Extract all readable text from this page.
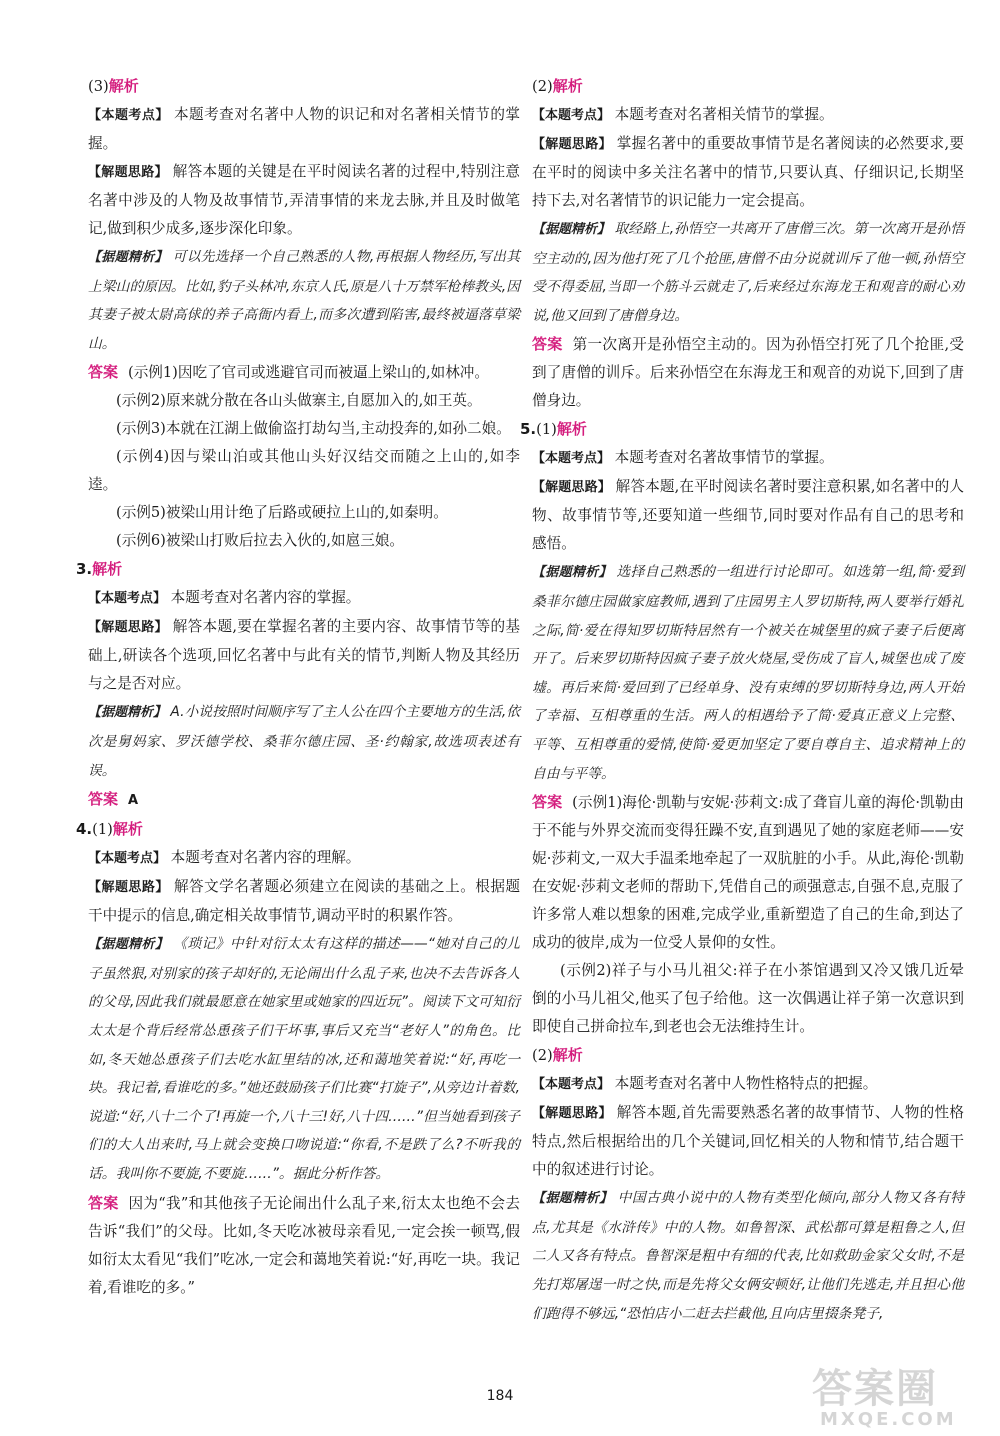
(3)解析

【本题考点】 本题考查对名著中人物的识记和对名著相关情节的掌握。

【解题思路】 解答本题的关键是在平时阅读名著的过程中,特别注意名著中涉及的人物及故事情节,弄清事情的来龙去脉,并且及时做笔记,做到积少成多,逐步深化印象。

【据题精析】 可以先选择一个自己熟悉的人物,再根据人物经历,写出其上梁山的原因。比如,豹子头林冲,东京人氏,原是八十万禁军枪棒教头,因其妻子被太尉高俅的养子高衙内看上,而多次遭到陷害,最终被逼落草梁山。

答案 (示例1)因吃了官司或逃避官司而被逼上梁山的,如林冲。

(示例2)原来就分散在各山头做寨主,自愿加入的,如王英。

(示例3)本就在江湖上做偷盗打劫勾当,主动投奔的,如孙二娘。

(示例4)因与梁山泊或其他山头好汉结交而随之上山的,如李逵。

(示例5)被梁山用计绝了后路或硬拉上山的,如秦明。

(示例6)被梁山打败后拉去入伙的,如扈三娘。

3.解析

【本题考点】 本题考查对名著内容的掌握。

【解题思路】 解答本题,要在掌握名著的主要内容、故事情节等的基础上,研读各个选项,回忆名著中与此有关的情节,判断人物及其经历与之是否对应。

【据题精析】 A.小说按照时间顺序写了主人公在四个主要地方的生活,依次是舅妈家、罗沃德学校、桑菲尔德庄园、圣·约翰家,故选项表述有误。

答案 A

4.(1)解析

【本题考点】 本题考查对名著内容的理解。

【解题思路】 解答文学名著题必须建立在阅读的基础之上。根据题干中提示的信息,确定相关故事情节,调动平时的积累作答。

【据题精析】 《琐记》中针对衍太太有这样的描述——“她对自己的儿子虽然狠,对别家的孩子却好的,无论闹出什么乱子来,也决不去告诉各人的父母,因此我们就最愿意在她家里或她家的四近玩”。阅读下文可知衍太太是个背后经常怂恿孩子们干坏事,事后又充当“老好人”的角色。比如,冬天她怂恿孩子们去吃水缸里结的冰,还和蔼地笑着说:“好,再吃一块。我记着,看谁吃的多。”她还鼓励孩子们比赛“打旋子”,从旁边计着数,说道:“好,八十二个了!再旋一个,八十三!好,八十四……”但当她看到孩子们的大人出来时,马上就会变换口吻说道:“你看,不是跌了么?不听我的话。我叫你不要旋,不要旋……”。据此分析作答。

答案 因为“我”和其他孩子无论闹出什么乱子来,衍太太也绝不会去告诉“我们”的父母。比如,冬天吃冰被母亲看见,一定会挨一顿骂,假如衍太太看见“我们”吃冰,一定会和蔼地笑着说:“好,再吃一块。我记着,看谁吃的多。”

(2)解析

【本题考点】 本题考查对名著相关情节的掌握。

【解题思路】 掌握名著中的重要故事情节是名著阅读的必然要求,要在平时的阅读中多关注名著中的情节,只要认真、仔细识记,长期坚持下去,对名著情节的识记能力一定会提高。

【据题精析】 取经路上,孙悟空一共离开了唐僧三次。第一次离开是孙悟空主动的,因为他打死了几个抢匪,唐僧不由分说就训斥了他一顿,孙悟空受不得委屈,当即一个筋斗云就走了,后来经过东海龙王和观音的耐心劝说,他又回到了唐僧身边。

答案 第一次离开是孙悟空主动的。因为孙悟空打死了几个抢匪,受到了唐僧的训斥。后来孙悟空在东海龙王和观音的劝说下,回到了唐僧身边。

5.(1)解析

【本题考点】 本题考查对名著故事情节的掌握。

【解题思路】 解答本题,在平时阅读名著时要注意积累,如名著中的人物、故事情节等,还要知道一些细节,同时要对作品有自己的思考和感悟。

【据题精析】 选择自己熟悉的一组进行讨论即可。如选第一组,简·爱到桑菲尔德庄园做家庭教师,遇到了庄园男主人罗切斯特,两人要举行婚礼之际,简·爱在得知罗切斯特居然有一个被关在城堡里的疯子妻子后便离开了。后来罗切斯特因疯子妻子放火烧屋,受伤成了盲人,城堡也成了废墟。再后来简·爱回到了已经单身、没有束缚的罗切斯特身边,两人开始了幸福、互相尊重的生活。两人的相遇给予了简·爱真正意义上完整、平等、互相尊重的爱情,使简·爱更加坚定了要自尊自主、追求精神上的自由与平等。

答案 (示例1)海伦·凯勒与安妮·莎莉文:成了聋盲儿童的海伦·凯勒由于不能与外界交流而变得狂躁不安,直到遇见了她的家庭老师——安妮·莎莉文,一双大手温柔地牵起了一双肮脏的小手。从此,海伦·凯勒在安妮·莎莉文老师的帮助下,凭借自己的顽强意志,自强不息,克服了许多常人难以想象的困难,完成学业,重新塑造了自己的生命,到达了成功的彼岸,成为一位受人景仰的女性。

(示例2)祥子与小马儿祖父:祥子在小茶馆遇到又冷又饿几近晕倒的小马儿祖父,他买了包子给他。这一次偶遇让祥子第一次意识到即使自己拼命拉车,到老也会无法维持生计。

(2)解析

【本题考点】 本题考查对名著中人物性格特点的把握。

【解题思路】 解答本题,首先需要熟悉名著的故事情节、人物的性格特点,然后根据给出的几个关键词,回忆相关的人物和情节,结合题干中的叙述进行讨论。

【据题精析】 中国古典小说中的人物有类型化倾向,部分人物又各有特点,尤其是《水浒传》中的人物。如鲁智深、武松都可算是粗鲁之人,但二人又各有特点。鲁智深是粗中有细的代表,比如救助金家父女时,不是先打郑屠逞一时之快,而是先将父女俩安顿好,让他们先逃走,并且担心他们跑得不够远,“恐怕店小二赶去拦截他,且向店里掇条凳子,

184	答案圈
MXQE.COM
